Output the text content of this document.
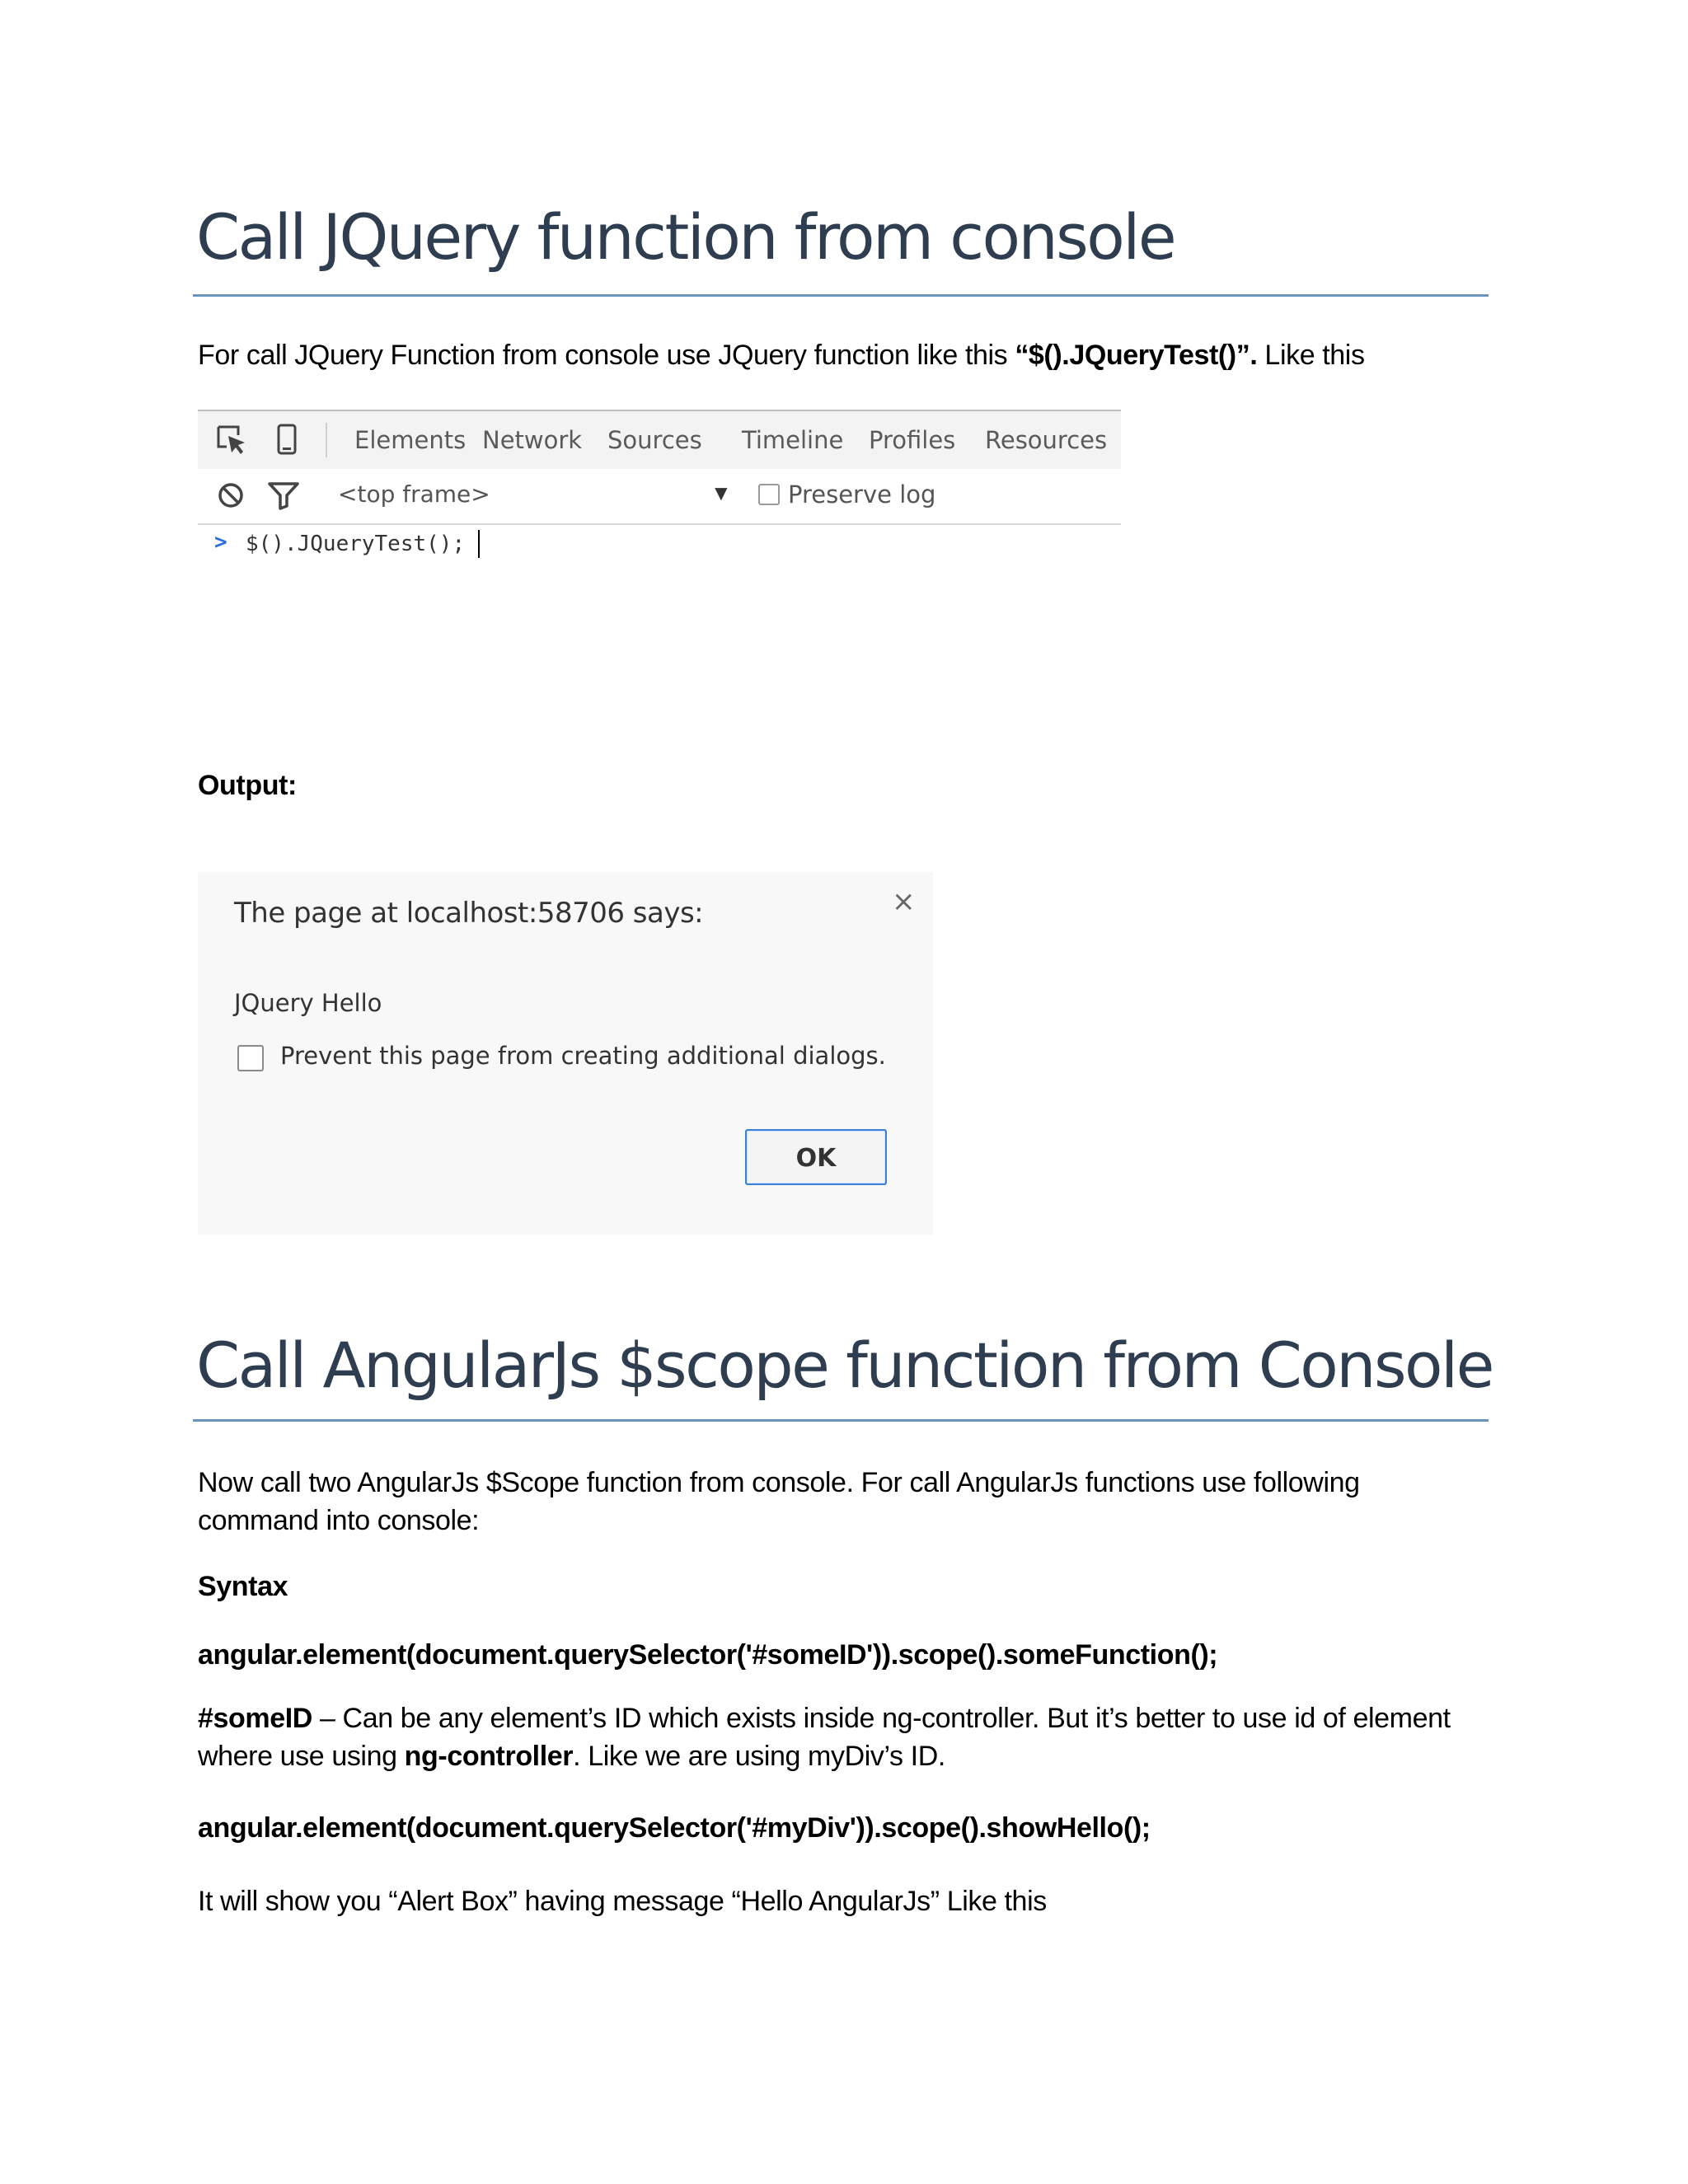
Call JQuery function from console
For call JQuery Function from console use JQuery function like this “$().JQueryTest()”. Like this
Elements Network Sources Timeline Profiles Resources
<top frame>	▼ Preserve log
> $().JQueryTest();
Output:
The page at localhost:58706 says:	×
JQuery Hello
Prevent this page from creating additional dialogs.
OK
Call AngularJs $scope function from Console
Now call two AngularJs $Scope function from console. For call AngularJs functions use following
command into console:
Syntax
angular.element(document.querySelector('#someID')).scope().someFunction();
#someID – Can be any element’s ID which exists inside ng-controller. But it’s better to use id of element
where use using ng-controller. Like we are using myDiv’s ID.
angular.element(document.querySelector('#myDiv')).scope().showHello();
It will show you “Alert Box” having message “Hello AngularJs” Like this
